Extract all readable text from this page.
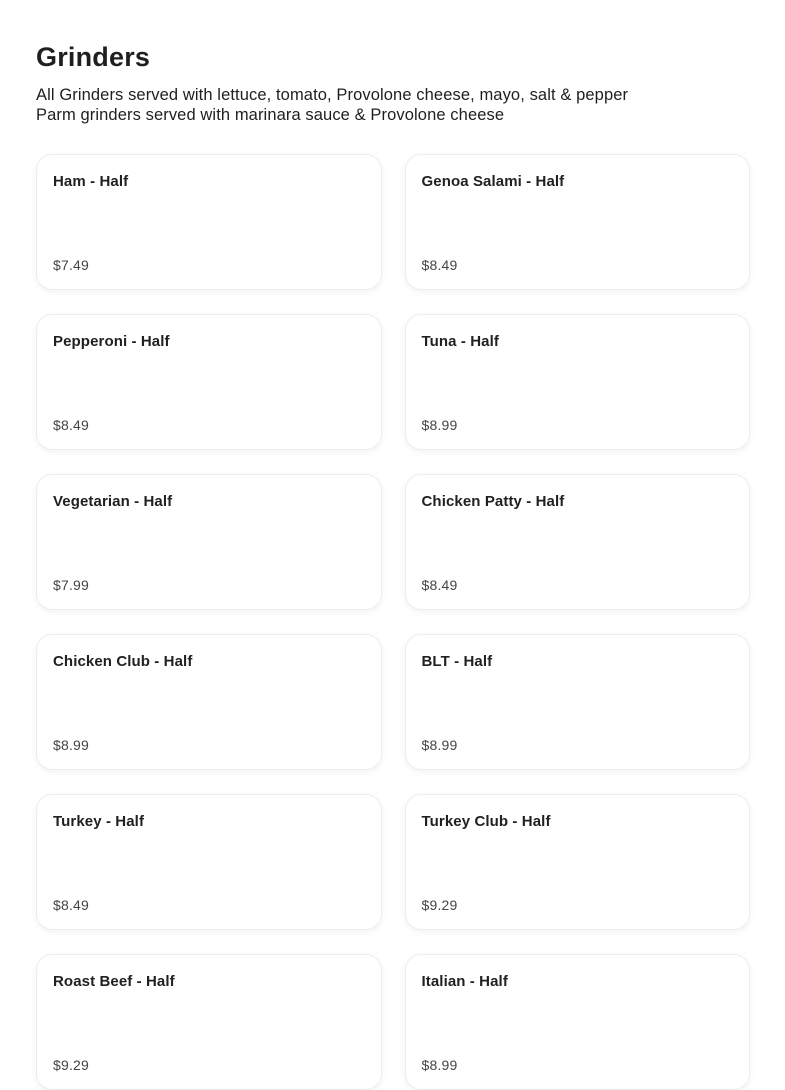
Grinders

All Grinders served with lettuce, tomato, Provolone cheese, mayo, salt & pepper
Parm grinders served with marinara sauce & Provolone cheese

Ham - Half
$7.49
Genoa Salami - Half
$8.49
Pepperoni - Half
$8.49
Tuna - Half
$8.99
Vegetarian - Half
$7.99
Chicken Patty - Half
$8.49
Chicken Club - Half
$8.99
BLT - Half
$8.99
Turkey - Half
$8.49
Turkey Club - Half
$9.29
Roast Beef - Half
$9.29
Italian - Half
$8.99
